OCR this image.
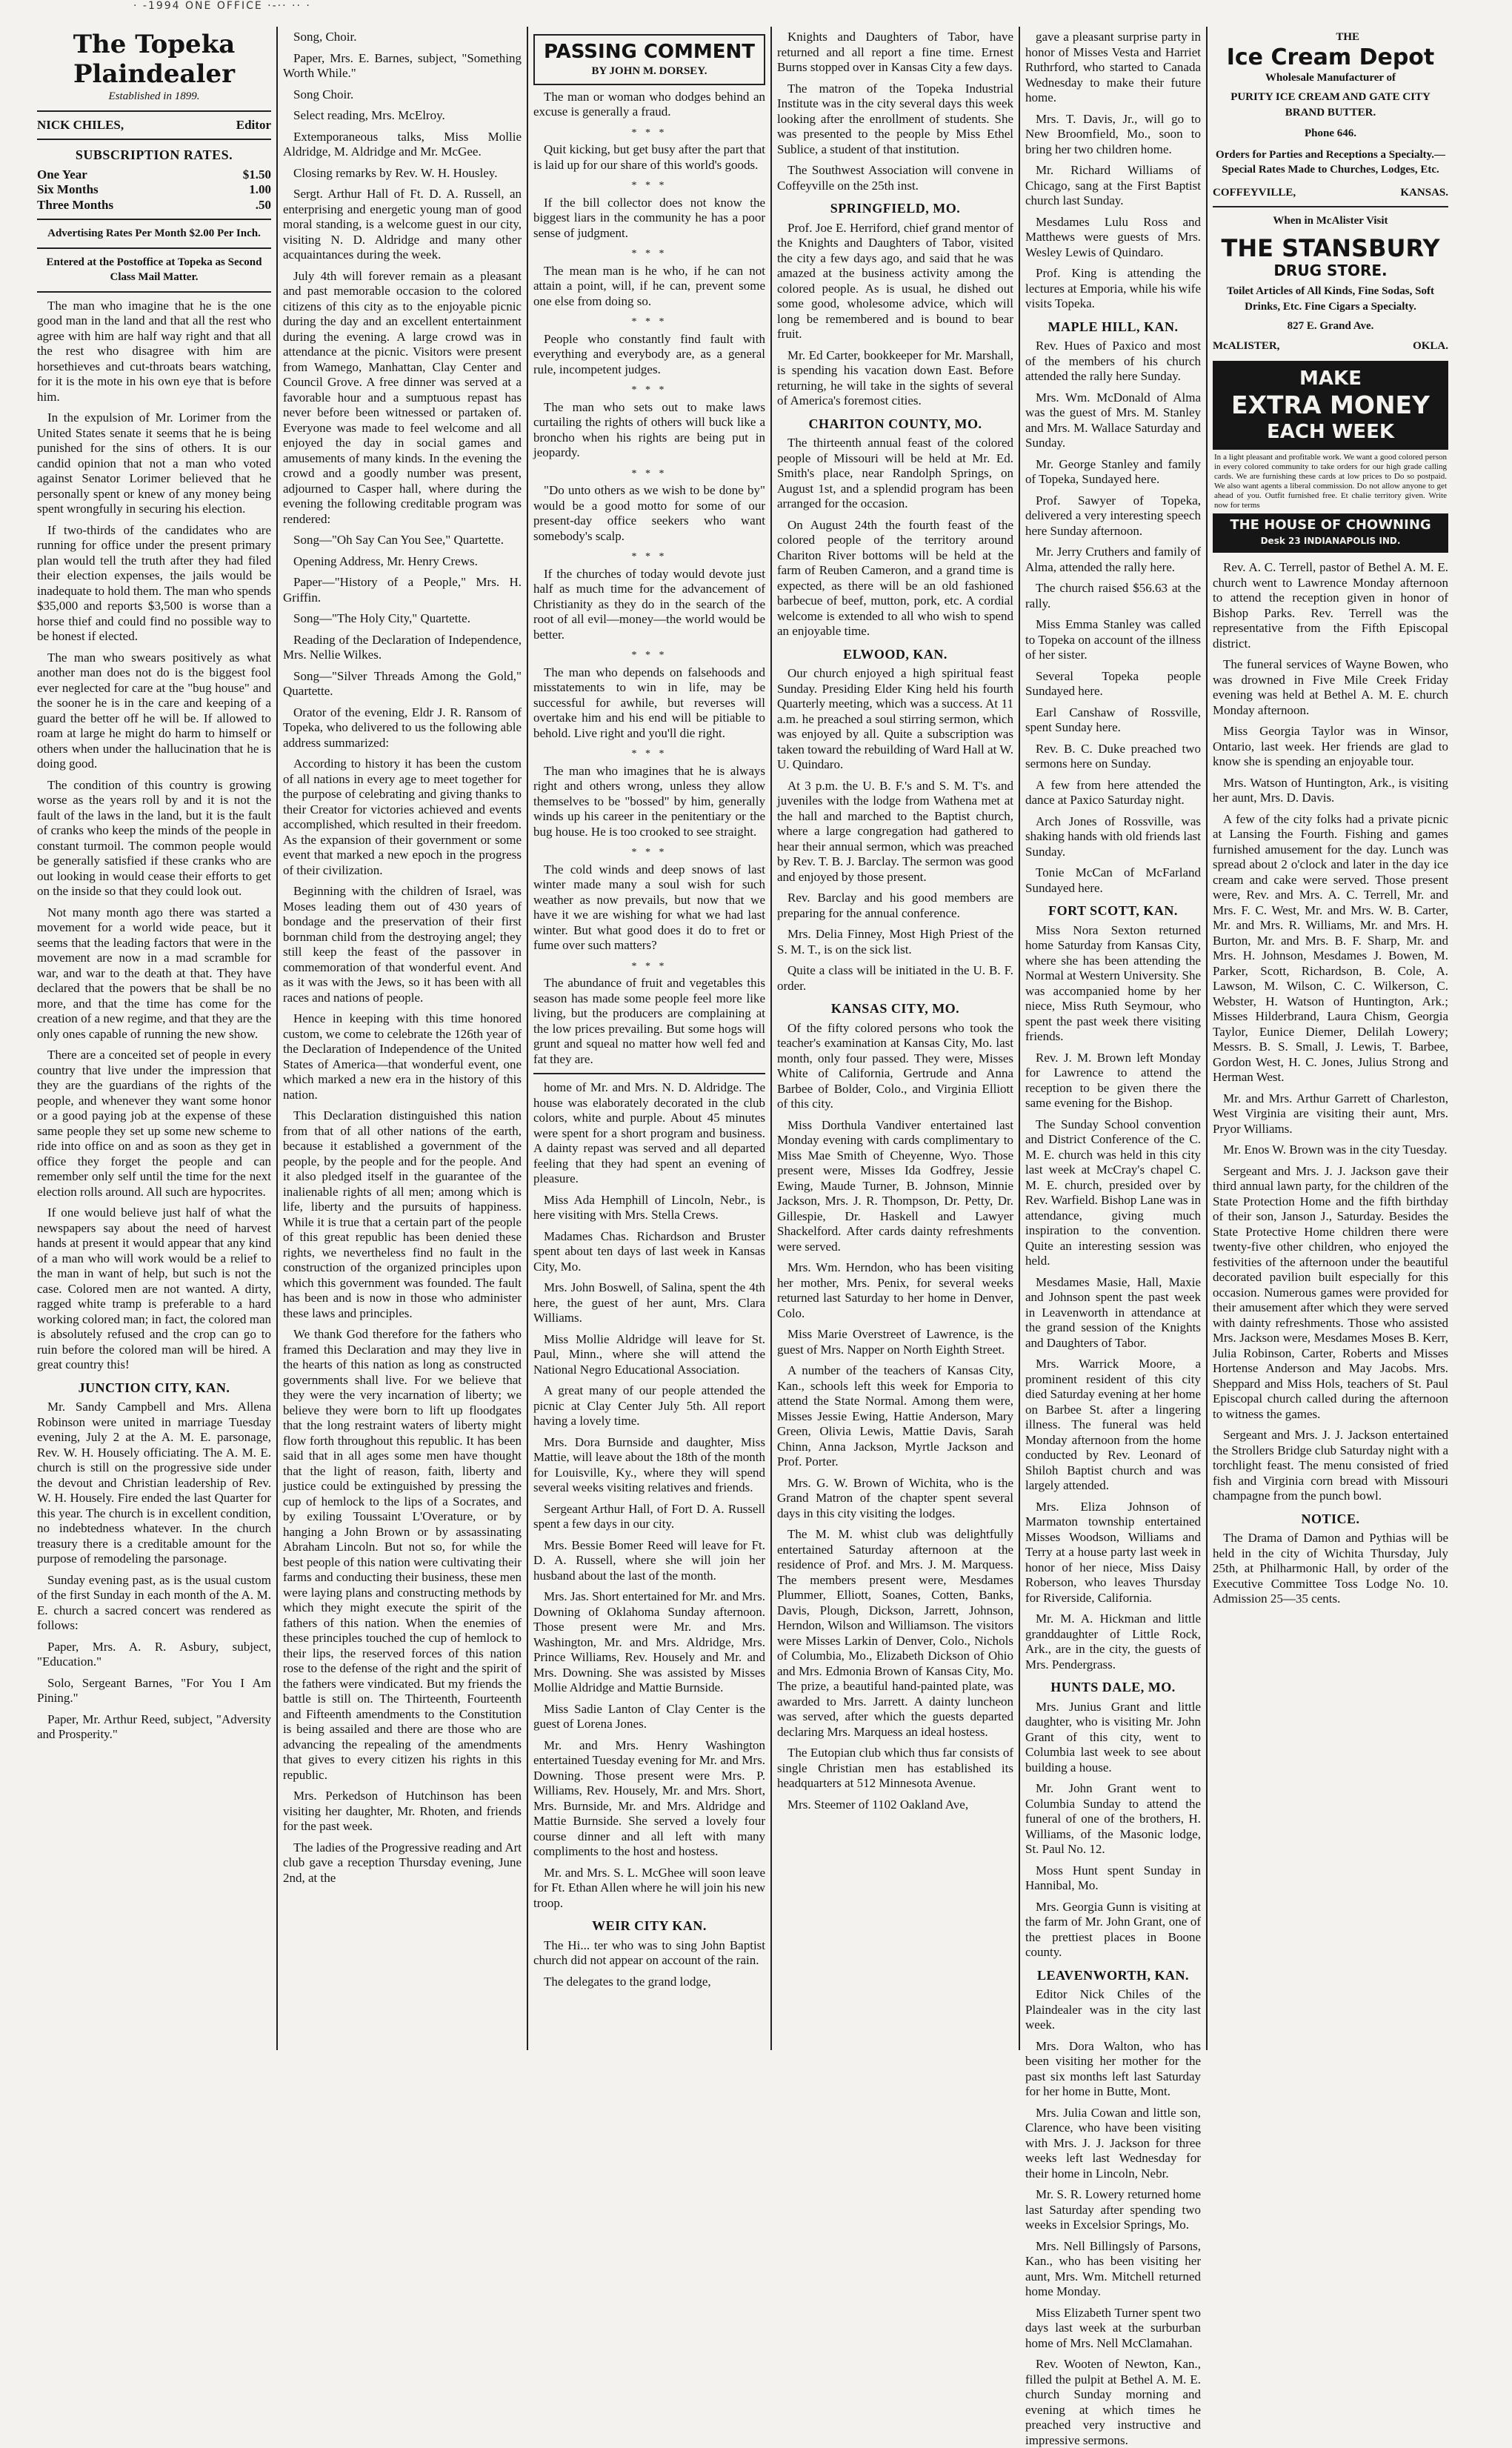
· -1994 ONE OFFICE ·-·· ·· ·
The Topeka Plaindealer
Established in 1899.
NICK CHILES,	Editor
SUBSCRIPTION RATES.
One Year	$1.50
Six Months	1.00
Three Months	.50
Advertising Rates Per Month $2.00 Per Inch.
Entered at the Postoffice at Topeka as Second Class Mail Matter.

The man who imagine that he is the one good man in the land and that all the rest who agree with him are half way right and that all the rest who disagree with him are horsethieves and cut-throats bears watching, for it is the mote in his own eye that is before him.

In the expulsion of Mr. Lorimer from the United States senate it seems that he is being punished for the sins of others. It is our candid opinion that not a man who voted against Senator Lorimer believed that he personally spent or knew of any money being spent wrongfully in securing his election.

If two-thirds of the candidates who are running for office under the present primary plan would tell the truth after they had filed their election expenses, the jails would be inadequate to hold them. The man who spends $35,000 and reports $3,500 is worse than a horse thief and could find no possible way to be honest if elected.

The man who swears positively as what another man does not do is the biggest fool ever neglected for care at the "bug house" and the sooner he is in the care and keeping of a guard the better off he will be. If allowed to roam at large he might do harm to himself or others when under the hallucination that he is doing good.

The condition of this country is growing worse as the years roll by and it is not the fault of the laws in the land, but it is the fault of cranks who keep the minds of the people in constant turmoil. The common people would be generally satisfied if these cranks who are out looking in would cease their efforts to get on the inside so that they could look out.

Not many month ago there was started a movement for a world wide peace, but it seems that the leading factors that were in the movement are now in a mad scramble for war, and war to the death at that. They have declared that the powers that be shall be no more, and that the time has come for the creation of a new regime, and that they are the only ones capable of running the new show.

There are a conceited set of people in every country that live under the impression that they are the guardians of the rights of the people, and whenever they want some honor or a good paying job at the expense of these same people they set up some new scheme to ride into office on and as soon as they get in office they forget the people and can remember only self until the time for the next election rolls around. All such are hypocrites.

If one would believe just half of what the newspapers say about the need of harvest hands at present it would appear that any kind of a man who will work would be a relief to the man in want of help, but such is not the case. Colored men are not wanted. A dirty, ragged white tramp is preferable to a hard working colored man; in fact, the colored man is absolutely refused and the crop can go to ruin before the colored man will be hired. A great country this!

JUNCTION CITY, KAN.

Mr. Sandy Campbell and Mrs. Allena Robinson were united in marriage Tuesday evening, July 2 at the A. M. E. parsonage, Rev. W. H. Housely officiating. The A. M. E. church is still on the progressive side under the devout and Christian leadership of Rev. W. H. Housely. Fire ended the last Quarter for this year. The church is in excellent condition, no indebtedness whatever. In the church treasury there is a creditable amount for the purpose of remodeling the parsonage.

Sunday evening past, as is the usual custom of the first Sunday in each month of the A. M. E. church a sacred concert was rendered as follows:

Paper, Mrs. A. R. Asbury, subject, "Education."

Solo, Sergeant Barnes, "For You I Am Pining."

Paper, Mr. Arthur Reed, subject, "Adversity and Prosperity."

Song, Choir.

Paper, Mrs. E. Barnes, subject, "Something Worth While."

Song Choir.

Select reading, Mrs. McElroy.

Extemporaneous talks, Miss Mollie Aldridge, M. Aldridge and Mr. McGee.

Closing remarks by Rev. W. H. Housley.

Sergt. Arthur Hall of Ft. D. A. Russell, an enterprising and energetic young man of good moral standing, is a welcome guest in our city, visiting N. D. Aldridge and many other acquaintances during the week.

July 4th will forever remain as a pleasant and past memorable occasion to the colored citizens of this city as to the enjoyable picnic during the day and an excellent entertainment during the evening. A large crowd was in attendance at the picnic. Visitors were present from Wamego, Manhattan, Clay Center and Council Grove. A free dinner was served at a favorable hour and a sumptuous repast has never before been witnessed or partaken of. Everyone was made to feel welcome and all enjoyed the day in social games and amusements of many kinds. In the evening the crowd and a goodly number was present, adjourned to Casper hall, where during the evening the following creditable program was rendered:

Song—"Oh Say Can You See," Quartette.

Opening Address, Mr. Henry Crews.

Paper—"History of a People," Mrs. H. Griffin.

Song—"The Holy City," Quartette.

Reading of the Declaration of Independence, Mrs. Nellie Wilkes.

Song—"Silver Threads Among the Gold," Quartette.

Orator of the evening, Eldr J. R. Ransom of Topeka, who delivered to us the following able address summarized:

According to history it has been the custom of all nations in every age to meet together for the purpose of celebrating and giving thanks to their Creator for victories achieved and events accomplished, which resulted in their freedom. As the expansion of their government or some event that marked a new epoch in the progress of their civilization.

Beginning with the children of Israel, was Moses leading them out of 430 years of bondage and the preservation of their first bornman child from the destroying angel; they still keep the feast of the passover in commemoration of that wonderful event. And as it was with the Jews, so it has been with all races and nations of people.

Hence in keeping with this time honored custom, we come to celebrate the 126th year of the Declaration of Independence of the United States of America—that wonderful event, one which marked a new era in the history of this nation.

This Declaration distinguished this nation from that of all other nations of the earth, because it established a government of the people, by the people and for the people. And it also pledged itself in the guarantee of the inalienable rights of all men; among which is life, liberty and the pursuits of happiness. While it is true that a certain part of the people of this great republic has been denied these rights, we nevertheless find no fault in the construction of the organized principles upon which this government was founded. The fault has been and is now in those who administer these laws and principles.

We thank God therefore for the fathers who framed this Declaration and may they live in the hearts of this nation as long as constructed governments shall live. For we believe that they were the very incarnation of liberty; we believe they were born to lift up floodgates that the long restraint waters of liberty might flow forth throughout this republic. It has been said that in all ages some men have thought that the light of reason, faith, liberty and justice could be extinguished by pressing the cup of hemlock to the lips of a Socrates, and by exiling Toussaint L'Overature, or by hanging a John Brown or by assassinating Abraham Lincoln. But not so, for while the best people of this nation were cultivating their farms and conducting their business, these men were laying plans and constructing methods by which they might execute the spirit of the fathers of this nation. When the enemies of these principles touched the cup of hemlock to their lips, the reserved forces of this nation rose to the defense of the right and the spirit of the fathers were vindicated. But my friends the battle is still on. The Thirteenth, Fourteenth and Fifteenth amendments to the Constitution is being assailed and there are those who are advancing the repealing of the amendments that gives to every citizen his rights in this republic.

Mrs. Perkedson of Hutchinson has been visiting her daughter, Mr. Rhoten, and friends for the past week.

The ladies of the Progressive reading and Art club gave a reception Thursday evening, June 2nd, at the

PASSING COMMENT
BY JOHN M. DORSEY.

The man or woman who dodges behind an excuse is generally a fraud.

* * *

Quit kicking, but get busy after the part that is laid up for our share of this world's goods.

* * *

If the bill collector does not know the biggest liars in the community he has a poor sense of judgment.

* * *

The mean man is he who, if he can not attain a point, will, if he can, prevent some one else from doing so.

* * *

People who constantly find fault with everything and everybody are, as a general rule, incompetent judges.

* * *

The man who sets out to make laws curtailing the rights of others will buck like a broncho when his rights are being put in jeopardy.

* * *

"Do unto others as we wish to be done by" would be a good motto for some of our present-day office seekers who want somebody's scalp.

* * *

If the churches of today would devote just half as much time for the advancement of Christianity as they do in the search of the root of all evil—money—the world would be better.

* * *

The man who depends on falsehoods and misstatements to win in life, may be successful for awhile, but reverses will overtake him and his end will be pitiable to behold. Live right and you'll die right.

* * *

The man who imagines that he is always right and others wrong, unless they allow themselves to be "bossed" by him, generally winds up his career in the penitentiary or the bug house. He is too crooked to see straight.

* * *

The cold winds and deep snows of last winter made many a soul wish for such weather as now prevails, but now that we have it we are wishing for what we had last winter. But what good does it do to fret or fume over such matters?

* * *

The abundance of fruit and vegetables this season has made some people feel more like living, but the producers are complaining at the low prices prevailing. But some hogs will grunt and squeal no matter how well fed and fat they are.

home of Mr. and Mrs. N. D. Aldridge. The house was elaborately decorated in the club colors, white and purple. About 45 minutes were spent for a short program and business. A dainty repast was served and all departed feeling that they had spent an evening of pleasure.

Miss Ada Hemphill of Lincoln, Nebr., is here visiting with Mrs. Stella Crews.

Madames Chas. Richardson and Bruster spent about ten days of last week in Kansas City, Mo.

Mrs. John Boswell, of Salina, spent the 4th here, the guest of her aunt, Mrs. Clara Williams.

Miss Mollie Aldridge will leave for St. Paul, Minn., where she will attend the National Negro Educational Association.

A great many of our people attended the picnic at Clay Center July 5th. All report having a lovely time.

Mrs. Dora Burnside and daughter, Miss Mattie, will leave about the 18th of the month for Louisville, Ky., where they will spend several weeks visiting relatives and friends.

Sergeant Arthur Hall, of Fort D. A. Russell spent a few days in our city.

Mrs. Bessie Bomer Reed will leave for Ft. D. A. Russell, where she will join her husband about the last of the month.

Mrs. Jas. Short entertained for Mr. and Mrs. Downing of Oklahoma Sunday afternoon. Those present were Mr. and Mrs. Washington, Mr. and Mrs. Aldridge, Mrs. Prince Williams, Rev. Housely and Mr. and Mrs. Downing. She was assisted by Misses Mollie Aldridge and Mattie Burnside.

Miss Sadie Lanton of Clay Center is the guest of Lorena Jones.

Mr. and Mrs. Henry Washington entertained Tuesday evening for Mr. and Mrs. Downing. Those present were Mrs. P. Williams, Rev. Housely, Mr. and Mrs. Short, Mrs. Burnside, Mr. and Mrs. Aldridge and Mattie Burnside. She served a lovely four course dinner and all left with many compliments to the host and hostess.

Mr. and Mrs. S. L. McGhee will soon leave for Ft. Ethan Allen where he will join his new troop.

WEIR CITY KAN.

The Hi... ter who was to sing John Baptist church did not appear on account of the rain.

The delegates to the grand lodge,

Knights and Daughters of Tabor, have returned and all report a fine time. Ernest Burns stopped over in Kansas City a few days.

The matron of the Topeka Industrial Institute was in the city several days this week looking after the enrollment of students. She was presented to the people by Miss Ethel Sublice, a student of that institution.

The Southwest Association will convene in Coffeyville on the 25th inst.

SPRINGFIELD, MO.

Prof. Joe E. Herriford, chief grand mentor of the Knights and Daughters of Tabor, visited the city a few days ago, and said that he was amazed at the business activity among the colored people. As is usual, he dished out some good, wholesome advice, which will long be remembered and is bound to bear fruit.

Mr. Ed Carter, bookkeeper for Mr. Marshall, is spending his vacation down East. Before returning, he will take in the sights of several of America's foremost cities.

CHARITON COUNTY, MO.

The thirteenth annual feast of the colored people of Missouri will be held at Mr. Ed. Smith's place, near Randolph Springs, on August 1st, and a splendid program has been arranged for the occasion.

On August 24th the fourth feast of the colored people of the territory around Chariton River bottoms will be held at the farm of Reuben Cameron, and a grand time is expected, as there will be an old fashioned barbecue of beef, mutton, pork, etc. A cordial welcome is extended to all who wish to spend an enjoyable time.

ELWOOD, KAN.

Our church enjoyed a high spiritual feast Sunday. Presiding Elder King held his fourth Quarterly meeting, which was a success. At 11 a.m. he preached a soul stirring sermon, which was enjoyed by all. Quite a subscription was taken toward the rebuilding of Ward Hall at W. U. Quindaro.

At 3 p.m. the U. B. F.'s and S. M. T's. and juveniles with the lodge from Wathena met at the hall and marched to the Baptist church, where a large congregation had gathered to hear their annual sermon, which was preached by Rev. T. B. J. Barclay. The sermon was good and enjoyed by those present.

Rev. Barclay and his good members are preparing for the annual conference.

Mrs. Delia Finney, Most High Priest of the S. M. T., is on the sick list.

Quite a class will be initiated in the U. B. F. order.

KANSAS CITY, MO.

Of the fifty colored persons who took the teacher's examination at Kansas City, Mo. last month, only four passed. They were, Misses White of California, Gertrude and Anna Barbee of Bolder, Colo., and Virginia Elliott of this city.

Miss Dorthula Vandiver entertained last Monday evening with cards complimentary to Miss Mae Smith of Cheyenne, Wyo. Those present were, Misses Ida Godfrey, Jessie Ewing, Maude Turner, B. Johnson, Minnie Jackson, Mrs. J. R. Thompson, Dr. Petty, Dr. Gillespie, Dr. Haskell and Lawyer Shackelford. After cards dainty refreshments were served.

Mrs. Wm. Herndon, who has been visiting her mother, Mrs. Penix, for several weeks returned last Saturday to her home in Denver, Colo.

Miss Marie Overstreet of Lawrence, is the guest of Mrs. Napper on North Eighth Street.

A number of the teachers of Kansas City, Kan., schools left this week for Emporia to attend the State Normal. Among them were, Misses Jessie Ewing, Hattie Anderson, Mary Green, Olivia Lewis, Mattie Davis, Sarah Chinn, Anna Jackson, Myrtle Jackson and Prof. Porter.

Mrs. G. W. Brown of Wichita, who is the Grand Matron of the chapter spent several days in this city visiting the lodges.

The M. M. whist club was delightfully entertained Saturday afternoon at the residence of Prof. and Mrs. J. M. Marquess. The members present were, Mesdames Plummer, Elliott, Soanes, Cotten, Banks, Davis, Plough, Dickson, Jarrett, Johnson, Herndon, Wilson and Williamson. The visitors were Misses Larkin of Denver, Colo., Nichols of Columbia, Mo., Elizabeth Dickson of Ohio and Mrs. Edmonia Brown of Kansas City, Mo. The prize, a beautiful hand-painted plate, was awarded to Mrs. Jarrett. A dainty luncheon was served, after which the guests departed declaring Mrs. Marquess an ideal hostess.

The Eutopian club which thus far consists of single Christian men has established its headquarters at 512 Minnesota Avenue.

Mrs. Steemer of 1102 Oakland Ave,

gave a pleasant surprise party in honor of Misses Vesta and Harriet Ruthrford, who started to Canada Wednesday to make their future home.

Mrs. T. Davis, Jr., will go to New Broomfield, Mo., soon to bring her two children home.

Mr. Richard Williams of Chicago, sang at the First Baptist church last Sunday.

Mesdames Lulu Ross and Matthews were guests of Mrs. Wesley Lewis of Quindaro.

Prof. King is attending the lectures at Emporia, while his wife visits Topeka.

MAPLE HILL, KAN.

Rev. Hues of Paxico and most of the members of his church attended the rally here Sunday.

Mrs. Wm. McDonald of Alma was the guest of Mrs. M. Stanley and Mrs. M. Wallace Saturday and Sunday.

Mr. George Stanley and family of Topeka, Sundayed here.

Prof. Sawyer of Topeka, delivered a very interesting speech here Sunday afternoon.

Mr. Jerry Cruthers and family of Alma, attended the rally here.

The church raised $56.63 at the rally.

Miss Emma Stanley was called to Topeka on account of the illness of her sister.

Several Topeka people Sundayed here.

Earl Canshaw of Rossville, spent Sunday here.

Rev. B. C. Duke preached two sermons here on Sunday.

A few from here attended the dance at Paxico Saturday night.

Arch Jones of Rossville, was shaking hands with old friends last Sunday.

Tonie McCan of McFarland Sundayed here.

FORT SCOTT, KAN.

Miss Nora Sexton returned home Saturday from Kansas City, where she has been attending the Normal at Western University. She was accompanied home by her niece, Miss Ruth Seymour, who spent the past week there visiting friends.

Rev. J. M. Brown left Monday for Lawrence to attend the reception to be given there the same evening for the Bishop.

The Sunday School convention and District Conference of the C. M. E. church was held in this city last week at McCray's chapel C. M. E. church, presided over by Rev. Warfield. Bishop Lane was in attendance, giving much inspiration to the convention. Quite an interesting session was held.

Mesdames Masie, Hall, Maxie and Johnson spent the past week in Leavenworth in attendance at the grand session of the Knights and Daughters of Tabor.

Mrs. Warrick Moore, a prominent resident of this city died Saturday evening at her home on Barbee St. after a lingering illness. The funeral was held Monday afternoon from the home conducted by Rev. Leonard of Shiloh Baptist church and was largely attended.

Mrs. Eliza Johnson of Marmaton township entertained Misses Woodson, Williams and Terry at a house party last week in honor of her niece, Miss Daisy Roberson, who leaves Thursday for Riverside, California.

Mr. M. A. Hickman and little granddaughter of Little Rock, Ark., are in the city, the guests of Mrs. Pendergrass.

HUNTS DALE, MO.

Mrs. Junius Grant and little daughter, who is visiting Mr. John Grant of this city, went to Columbia last week to see about building a house.

Mr. John Grant went to Columbia Sunday to attend the funeral of one of the brothers, H. Williams, of the Masonic lodge, St. Paul No. 12.

Moss Hunt spent Sunday in Hannibal, Mo.

Mrs. Georgia Gunn is visiting at the farm of Mr. John Grant, one of the prettiest places in Boone county.

LEAVENWORTH, KAN.

Editor Nick Chiles of the Plaindealer was in the city last week.

Mrs. Dora Walton, who has been visiting her mother for the past six months left last Saturday for her home in Butte, Mont.

Mrs. Julia Cowan and little son, Clarence, who have been visiting with Mrs. J. J. Jackson for three weeks left last Wednesday for their home in Lincoln, Nebr.

Mr. S. R. Lowery returned home last Saturday after spending two weeks in Excelsior Springs, Mo.

Mrs. Nell Billingsly of Parsons, Kan., who has been visiting her aunt, Mrs. Wm. Mitchell returned home Monday.

Miss Elizabeth Turner spent two days last week at the surburban home of Mrs. Nell McClamahan.

Rev. Wooten of Newton, Kan., filled the pulpit at Bethel A. M. E. church Sunday morning and evening at which times he preached very instructive and impressive sermons.

THE
Ice Cream Depot
Wholesale Manufacturer of
PURITY ICE CREAM AND GATE CITY BRAND BUTTER.
Phone 646.
Orders for Parties and Receptions a Specialty.—Special Rates Made to Churches, Lodges, Etc.
COFFEYVILLE,	KANSAS.
When in McAlister Visit
THE STANSBURY
DRUG STORE.
Toilet Articles of All Kinds, Fine Sodas, Soft Drinks, Etc. Fine Cigars a Specialty.
827 E. Grand Ave.
McALISTER,	OKLA.
MAKE
EXTRA MONEY
EACH WEEK
In a light pleasant and profitable work. We want a good colored person in every colored community to take orders for our high grade calling cards. We are furnishing these cards at low prices to Do so postpaid. We also want agents a liberal commission. Do not allow anyone to get ahead of you. Outfit furnished free. Et chalie territory given. Write now for terms
THE HOUSE OF CHOWNING
Desk 23 INDIANAPOLIS IND.

Rev. A. C. Terrell, pastor of Bethel A. M. E. church went to Lawrence Monday afternoon to attend the reception given in honor of Bishop Parks. Rev. Terrell was the representative from the Fifth Episcopal district.

The funeral services of Wayne Bowen, who was drowned in Five Mile Creek Friday evening was held at Bethel A. M. E. church Monday afternoon.

Miss Georgia Taylor was in Winsor, Ontario, last week. Her friends are glad to know she is spending an enjoyable tour.

Mrs. Watson of Huntington, Ark., is visiting her aunt, Mrs. D. Davis.

A few of the city folks had a private picnic at Lansing the Fourth. Fishing and games furnished amusement for the day. Lunch was spread about 2 o'clock and later in the day ice cream and cake were served. Those present were, Rev. and Mrs. A. C. Terrell, Mr. and Mrs. F. C. West, Mr. and Mrs. W. B. Carter, Mr. and Mrs. R. Williams, Mr. and Mrs. H. Burton, Mr. and Mrs. B. F. Sharp, Mr. and Mrs. H. Johnson, Mesdames J. Bowen, M. Parker, Scott, Richardson, B. Cole, A. Lawson, M. Wilson, C. C. Wilkerson, C. Webster, H. Watson of Huntington, Ark.; Misses Hilderbrand, Laura Chism, Georgia Taylor, Eunice Diemer, Delilah Lowery; Messrs. B. S. Small, J. Lewis, T. Barbee, Gordon West, H. C. Jones, Julius Strong and Herman West.

Mr. and Mrs. Arthur Garrett of Charleston, West Virginia are visiting their aunt, Mrs. Pryor Williams.

Mr. Enos W. Brown was in the city Tuesday.

Sergeant and Mrs. J. J. Jackson gave their third annual lawn party, for the children of the State Protection Home and the fifth birthday of their son, Janson J., Saturday. Besides the State Protective Home children there were twenty-five other children, who enjoyed the festivities of the afternoon under the beautiful decorated pavilion built especially for this occasion. Numerous games were provided for their amusement after which they were served with dainty refreshments. Those who assisted Mrs. Jackson were, Mesdames Moses B. Kerr, Julia Robinson, Carter, Roberts and Misses Hortense Anderson and May Jacobs. Mrs. Sheppard and Miss Hols, teachers of St. Paul Episcopal church called during the afternoon to witness the games.

Sergeant and Mrs. J. J. Jackson entertained the Strollers Bridge club Saturday night with a torchlight feast. The menu consisted of fried fish and Virginia corn bread with Missouri champagne from the punch bowl.

NOTICE.

The Drama of Damon and Pythias will be held in the city of Wichita Thursday, July 25th, at Philharmonic Hall, by order of the Executive Committee Toss Lodge No. 10. Admission 25—35 cents.
